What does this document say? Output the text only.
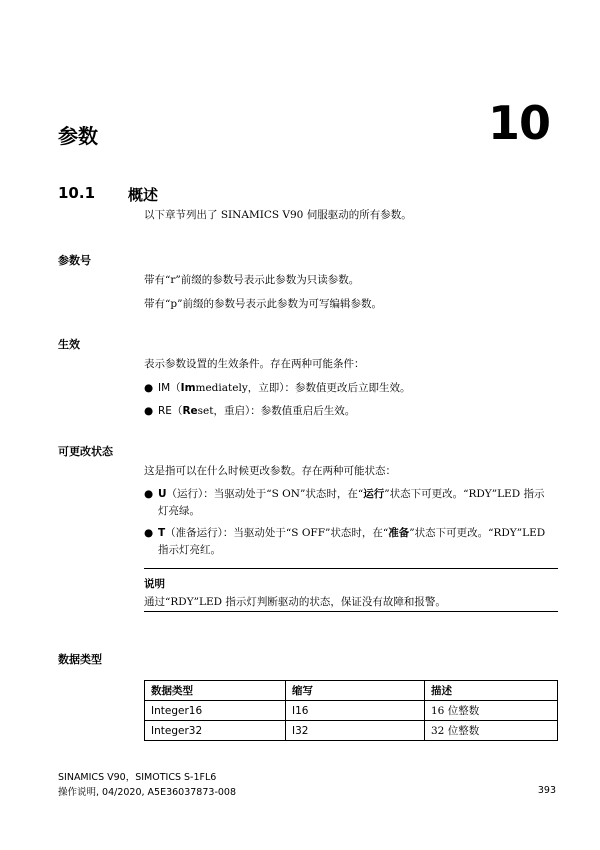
参数	10
10.1 概述
以下章节列出了 SINAMICS V90 伺服驱动的所有参数。
参数号
带有“r”前缀的参数号表示此参数为只读参数。
带有“p”前缀的参数号表示此参数为可写编辑参数。
生效
表示参数设置的生效条件。存在两种可能条件：
● IM（Immediately，立即）：参数值更改后立即生效。
● RE（Reset，重启）：参数值重启后生效。
可更改状态
这是指可以在什么时候更改参数。存在两种可能状态：
● U（运行）：当驱动处于“S ON”状态时，在“运行”状态下可更改。“RDY”LED 指示灯亮绿。
● T（准备运行）：当驱动处于“S OFF”状态时，在“准备”状态下可更改。“RDY”LED 指示灯亮红。
说明
通过“RDY”LED 指示灯判断驱动的状态，保证没有故障和报警。
数据类型
数据类型	缩写	描述
Integer16	I16	16 位整数
Integer32	I32	32 位整数
SINAMICS V90，SIMOTICS S-1FL6
操作说明, 04/2020, A5E36037873-008	393
